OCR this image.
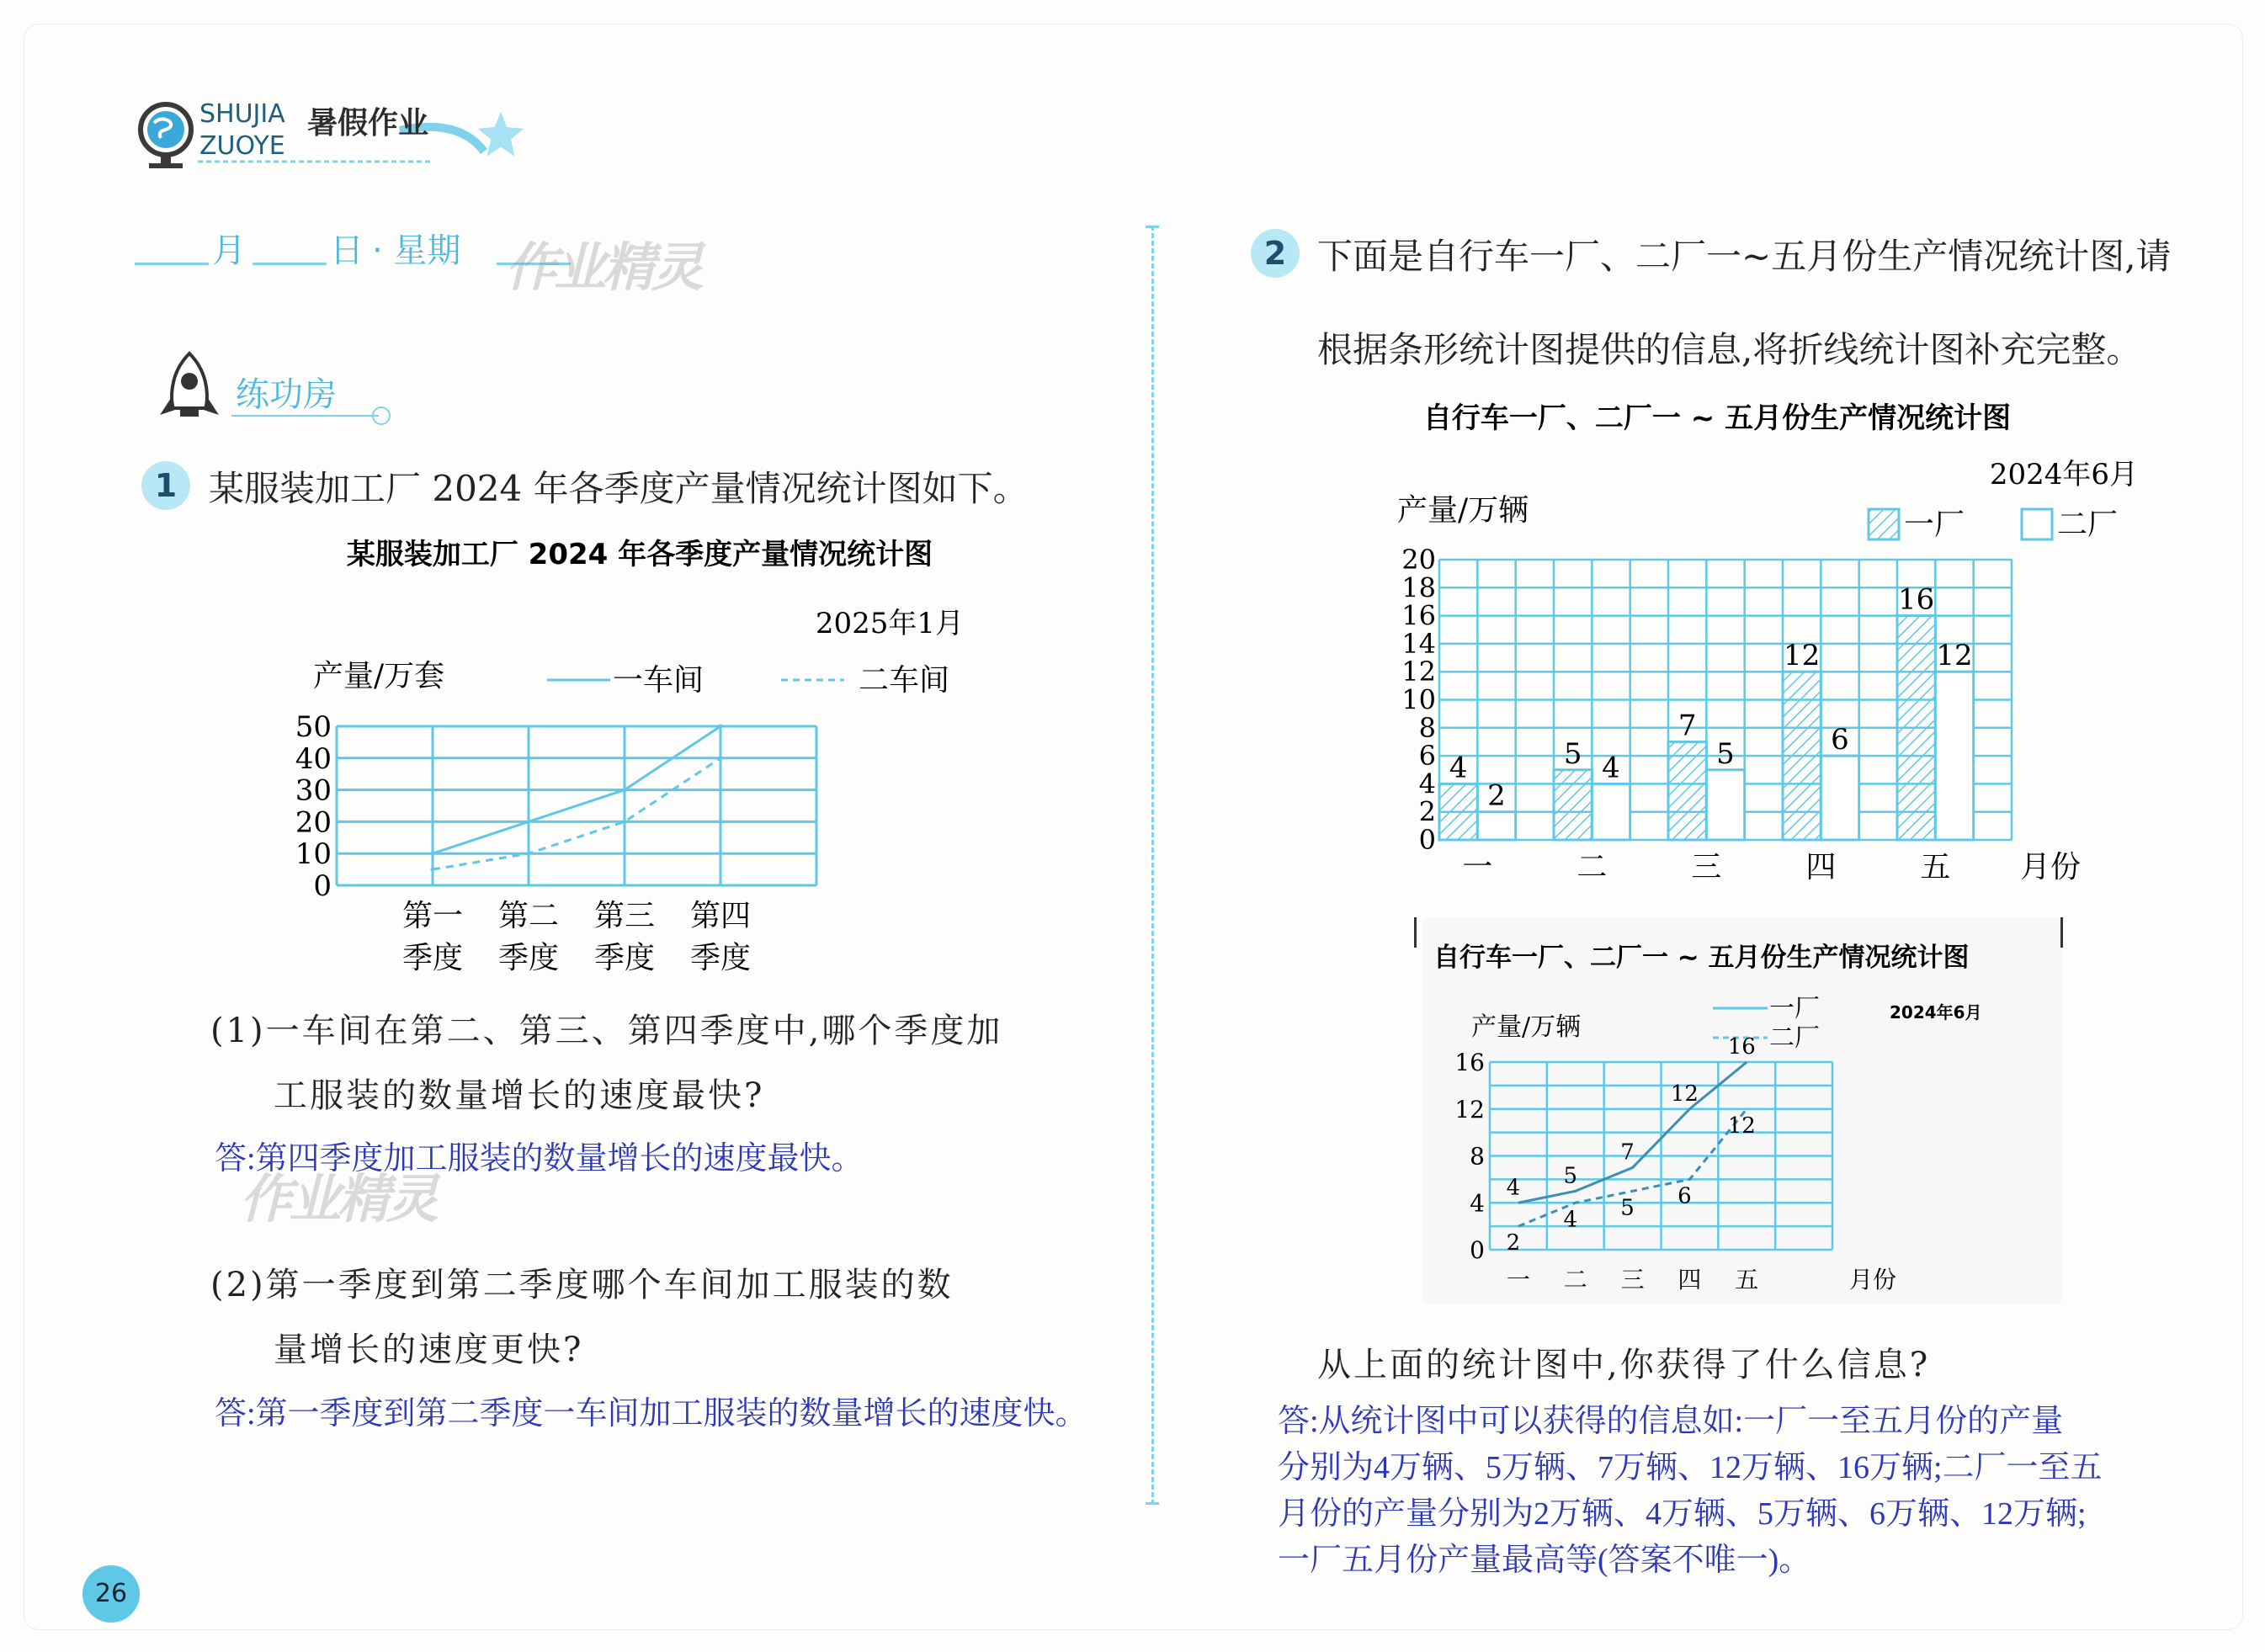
SHUJIA
ZUOYE
暑假作业
月	日 · 星期 作业精灵
练功房
1 某服装加工厂 2024 年各季度产量情况统计图如下。
某服装加工厂 2024 年各季度产量情况统计图
2025年1月
产量/万套	一车间	二车间
0
10
20
30
40
50
第一
季度
第二
季度
第三
季度
第四
季度
(1)一车间在第二、第三、第四季度中,哪个季度加
工服装的数量增长的速度最快?
答:第四季度加工服装的数量增长的速度最快。
作业精灵
(2)第一季度到第二季度哪个车间加工服装的数
量增长的速度更快?
答:第一季度到第二季度一车间加工服装的数量增长的速度快。
2 下面是自行车一厂、二厂一~五月份生产情况统计图,请
根据条形统计图提供的信息,将折线统计图补充完整。
自行车一厂、二厂一 ~ 五月份生产情况统计图
2024年6月
产量/万辆	一厂	二厂
0
2
4
6
8
10
12
14
16
18
20
4
2
一
5 4
二
7
5
三
12
6
四
16
12
五 月份
自行车一厂、二厂一 ~ 五月份生产情况统计图
2024年6月
产量/万辆
一厂
二厂
0
4
8
12
16
一 二 三 四 五	月份
4 5
7
12
16
2
4 5 6
12
从上面的统计图中,你获得了什么信息?
答:从统计图中可以获得的信息如:一厂一至五月份的产量
分别为4万辆、5万辆、7万辆、12万辆、16万辆;二厂一至五
月份的产量分别为2万辆、4万辆、5万辆、6万辆、12万辆;
一厂五月份产量最高等(答案不唯一)。
26
